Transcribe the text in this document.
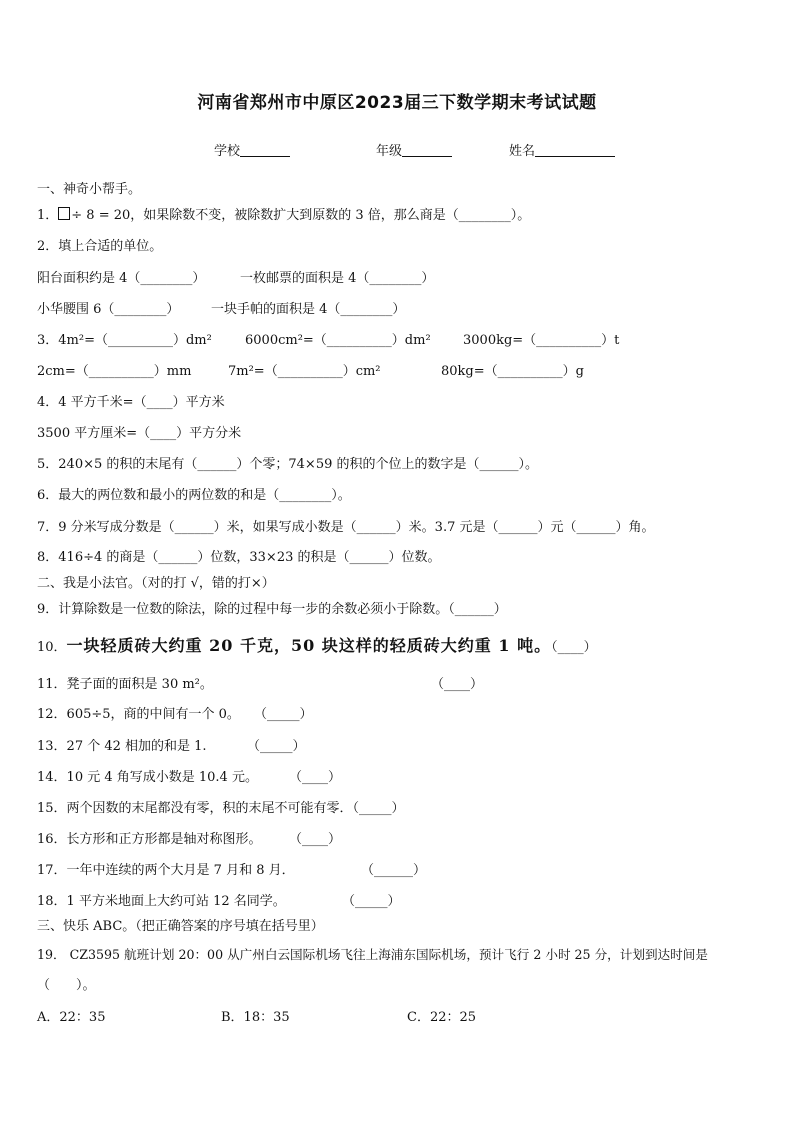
河南省郑州市中原区2023届三下数学期末考试试题
学校	年级	姓名
一、神奇小帮手。
1． ÷ 8 = 20，如果除数不变，被除数扩大到原数的 3 倍，那么商是（________）。
2．填上合适的单位。
阳台面积约是 4（________）	一枚邮票的面积是 4（________）
小华腰围 6（________） 一块手帕的面积是 4（________）
3．4m²=（__________）dm²	6000cm²=（__________）dm² 3000kg=（__________）t
2cm=（__________）mm	7m²=（__________）cm²	80kg=（__________）g
4．4 平方千米=（____）平方米
3500 平方厘米=（____）平方分米
5．240×5 的积的末尾有（______）个零；74×59 的积的个位上的数字是（______）。
6．最大的两位数和最小的两位数的和是（________）。
7．9 分米写成分数是（______）米，如果写成小数是（______）米。3.7 元是（______）元（______）角。
8．416÷4 的商是（______）位数，33×23 的积是（______）位数。
二、我是小法官。（对的打 √，错的打×）
9．计算除数是一位数的除法，除的过程中每一步的余数必须小于除数。（______）
10．一块轻质砖大约重 20 千克，50 块这样的轻质砖大约重 1 吨。（____）
11．凳子面的面积是 30 m²。	（____）
12．605÷5，商的中间有一个 0。 （_____）
13．27 个 42 相加的和是 1.	（_____）
14．10 元 4 角写成小数是 10.4 元。 （____）
15．两个因数的末尾都没有零，积的末尾不可能有零．（_____）
16．长方形和正方形都是轴对称图形。 （____）
17．一年中连续的两个大月是 7 月和 8 月．	（______）
18．1 平方米地面上大约可站 12 名同学。	（_____）
三、快乐 ABC。（把正确答案的序号填在括号里）
19． CZ3595 航班计划 20：00 从广州白云国际机场飞往上海浦东国际机场，预计飞行 2 小时 25 分，计划到达时间是
（　　）。
A．22：35	B．18：35	C．22：25
